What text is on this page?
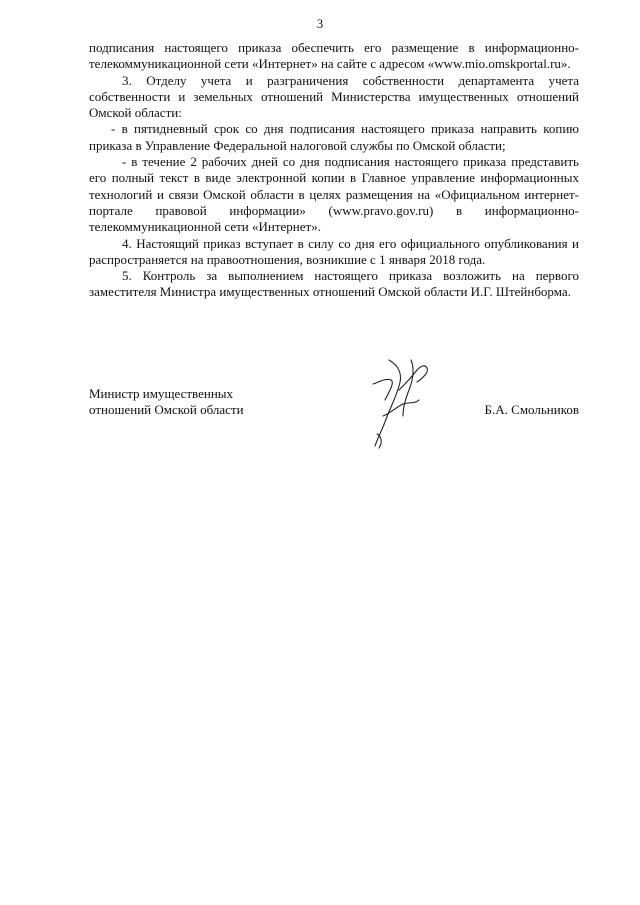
3

подписания настоящего приказа обеспечить его размещение в информационно-телекоммуникационной сети «Интернет» на сайте с адресом «www.mio.omskportal.ru».

3. Отделу учета и разграничения собственности департамента учета собственности и земельных отношений Министерства имущественных отношений Омской области:

- в пятидневный срок со дня подписания настоящего приказа направить копию приказа в Управление Федеральной налоговой службы по Омской области;

- в течение 2 рабочих дней со дня подписания настоящего приказа представить его полный текст в виде электронной копии в Главное управление информационных технологий и связи Омской области в целях размещения на «Официальном интернет-портале правовой информации» (www.pravo.gov.ru) в информационно-телекоммуникационной сети «Интернет».

4. Настоящий приказ вступает в силу со дня его официального опубликования и распространяется на правоотношения, возникшие с 1 января 2018 года.

5. Контроль за выполнением настоящего приказа возложить на первого заместителя Министра имущественных отношений Омской области И.Г. Штейнборма.

Министр имущественных
отношений Омской области	Б.А. Смольников
